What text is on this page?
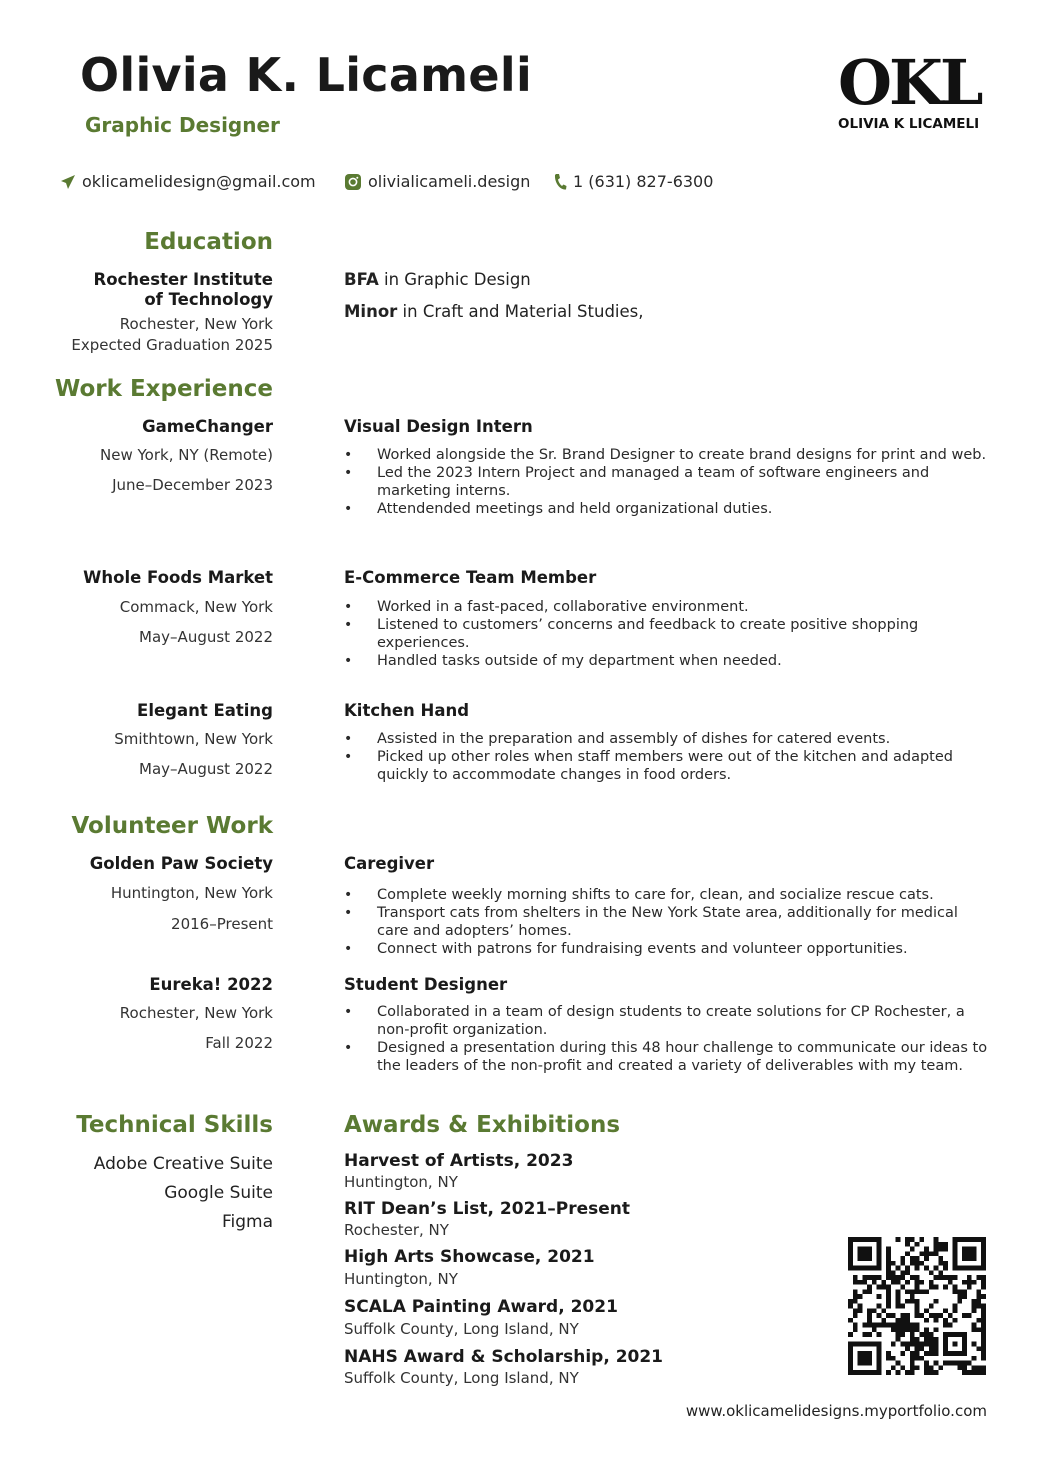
Olivia K. Licameli
Graphic Designer
OKL
OLIVIA K LICAMELI
oklicamelidesign@gmail.com	olivialicameli.design	1 (631) 827-6300
Education
Rochester Institute
of Technology
Rochester, New York
Expected Graduation 2025
BFA in Graphic Design
Minor in Craft and Material Studies,
Work Experience
GameChanger
New York, NY (Remote)
June–December 2023
Visual Design Intern
• Worked alongside the Sr. Brand Designer to create brand designs for print and web.
• Led the 2023 Intern Project and managed a team of software engineers and marketing interns.
• Attendended meetings and held organizational duties.
Whole Foods Market
Commack, New York
May–August 2022
E-Commerce Team Member
• Worked in a fast-paced, collaborative environment.
• Listened to customers’ concerns and feedback to create positive shopping experiences.
• Handled tasks outside of my department when needed.
Elegant Eating
Smithtown, New York
May–August 2022
Kitchen Hand
• Assisted in the preparation and assembly of dishes for catered events.
• Picked up other roles when staff members were out of the kitchen and adapted quickly to accommodate changes in food orders.
Volunteer Work
Golden Paw Society
Huntington, New York
2016–Present
Caregiver
• Complete weekly morning shifts to care for, clean, and socialize rescue cats.
• Transport cats from shelters in the New York State area, additionally for medical care and adopters’ homes.
• Connect with patrons for fundraising events and volunteer opportunities.
Eureka! 2022
Rochester, New York
Fall 2022
Student Designer
• Collaborated in a team of design students to create solutions for CP Rochester, a non-profit organization.
• Designed a presentation during this 48 hour challenge to communicate our ideas to the leaders of the non-profit and created a variety of deliverables with my team.
Technical Skills
Adobe Creative Suite
Google Suite
Figma
Awards & Exhibitions
Harvest of Artists, 2023
Huntington, NY
RIT Dean’s List, 2021–Present
Rochester, NY
High Arts Showcase, 2021
Huntington, NY
SCALA Painting Award, 2021
Suffolk County, Long Island, NY
NAHS Award & Scholarship, 2021
Suffolk County, Long Island, NY
www.oklicamelidesigns.myportfolio.com
